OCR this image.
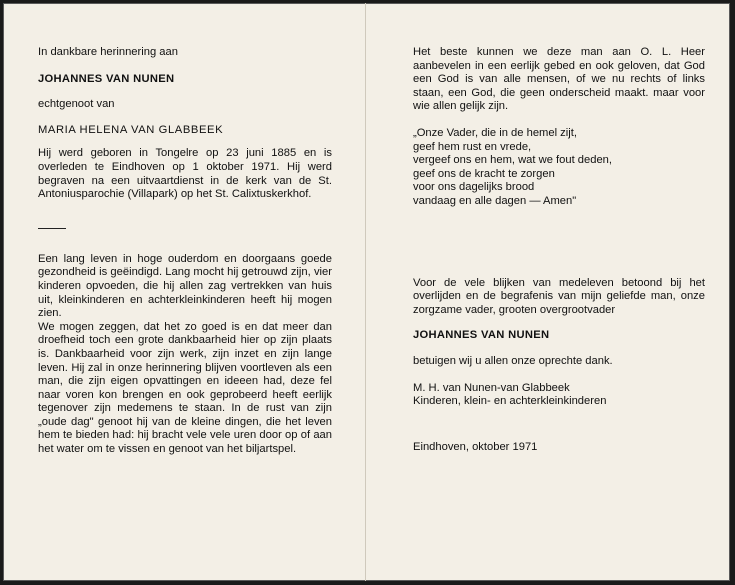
In dankbare herinnering aan

JOHANNES VAN NUNEN

echtgenoot van

MARIA HELENA VAN GLABBEEK

Hij werd geboren in Tongelre op 23 juni 1885 en is overleden te Eindhoven op 1 oktober 1971. Hij werd begraven na een uitvaartdienst in de kerk van de St. Antoniusparochie (Villapark) op het St. Calixtuskerkhof.

Een lang leven in hoge ouderdom en doorgaans goede gezondheid is geëindigd. Lang mocht hij getrouwd zijn, vier kinderen opvoeden, die hij allen zag vertrekken van huis uit, kleinkinderen en achterkleinkinderen heeft hij mogen zien.

We mogen zeggen, dat het zo goed is en dat meer dan droefheid toch een grote dankbaarheid hier op zijn plaats is. Dankbaarheid voor zijn werk, zijn inzet en zijn lange leven. Hij zal in onze herinnering blijven voortleven als een man, die zijn eigen opvattingen en ideeen had, deze fel naar voren kon brengen en ook geprobeerd heeft eerlijk tegenover zijn medemens te staan. In de rust van zijn „oude dag" genoot hij van de kleine dingen, die het leven hem te bieden had: hij bracht vele vele uren door op of aan het water om te vissen en genoot van het biljartspel.

Het beste kunnen we deze man aan O. L. Heer aanbevelen in een eerlijk gebed en ook geloven, dat God een God is van alle mensen, of we nu rechts of links staan, een God, die geen onderscheid maakt. maar voor wie allen gelijk zijn.

„Onze Vader, die in de hemel zijt,

geef hem rust en vrede,

vergeef ons en hem, wat we fout deden,

geef ons de kracht te zorgen

voor ons dagelijks brood

vandaag en alle dagen — Amen"

Voor de vele blijken van medeleven betoond bij het overlijden en de begrafenis van mijn geliefde man, onze zorgzame vader, grooten overgrootvader

JOHANNES VAN NUNEN

betuigen wij u allen onze oprechte dank.

M. H. van Nunen-van Glabbeek

Kinderen, klein- en achterkleinkinderen

Eindhoven, oktober 1971
